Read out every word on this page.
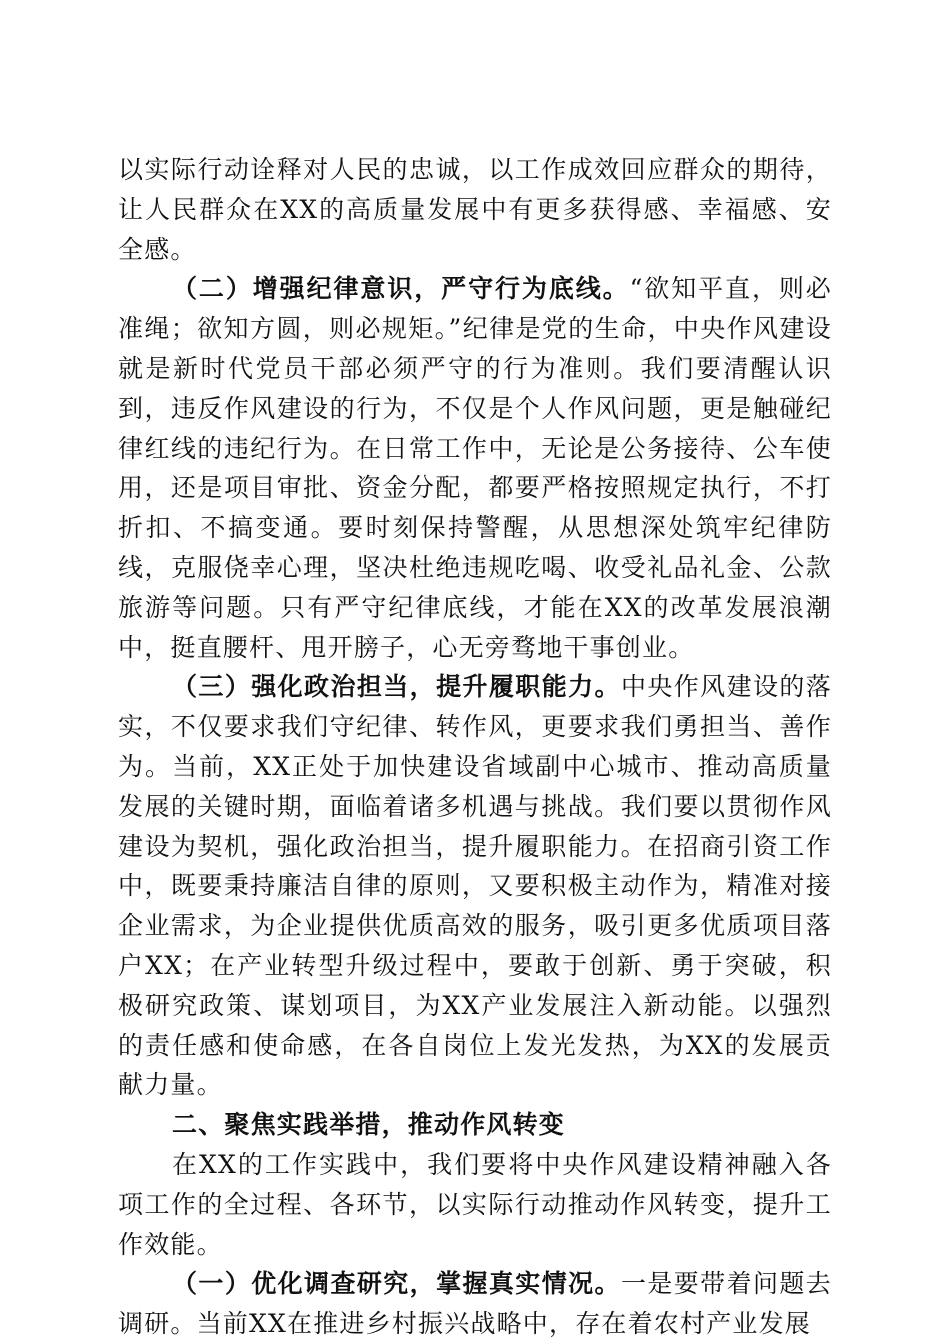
以实际行动诠释对人民的忠诚，以工作成效回应群众的期待，让人民群众在XX的高质量发展中有更多获得感、幸福感、安全感。

（二）增强纪律意识，严守行为底线。“欲知平直，则必准绳；欲知方圆，则必规矩。”纪律是党的生命，中央作风建设就是新时代党员干部必须严守的行为准则。我们要清醒认识到，违反作风建设的行为，不仅是个人作风问题，更是触碰纪律红线的违纪行为。在日常工作中，无论是公务接待、公车使用，还是项目审批、资金分配，都要严格按照规定执行，不打折扣、不搞变通。要时刻保持警醒，从思想深处筑牢纪律防线，克服侥幸心理，坚决杜绝违规吃喝、收受礼品礼金、公款旅游等问题。只有严守纪律底线，才能在XX的改革发展浪潮中，挺直腰杆、甩开膀子，心无旁骛地干事创业。

（三）强化政治担当，提升履职能力。中央作风建设的落实，不仅要求我们守纪律、转作风，更要求我们勇担当、善作为。当前，XX正处于加快建设省域副中心城市、推动高质量发展的关键时期，面临着诸多机遇与挑战。我们要以贯彻作风建设为契机，强化政治担当，提升履职能力。在招商引资工作中，既要秉持廉洁自律的原则，又要积极主动作为，精准对接企业需求，为企业提供优质高效的服务，吸引更多优质项目落户XX；在产业转型升级过程中，要敢于创新、勇于突破，积极研究政策、谋划项目，为XX产业发展注入新动能。以强烈的责任感和使命感，在各自岗位上发光发热，为XX的发展贡献力量。

二、聚焦实践举措，推动作风转变

在XX的工作实践中，我们要将中央作风建设精神融入各项工作的全过程、各环节，以实际行动推动作风转变，提升工作效能。

（一）优化调查研究，掌握真实情况。一是要带着问题去调研。当前XX在推进乡村振兴战略中，存在着农村产业发展
